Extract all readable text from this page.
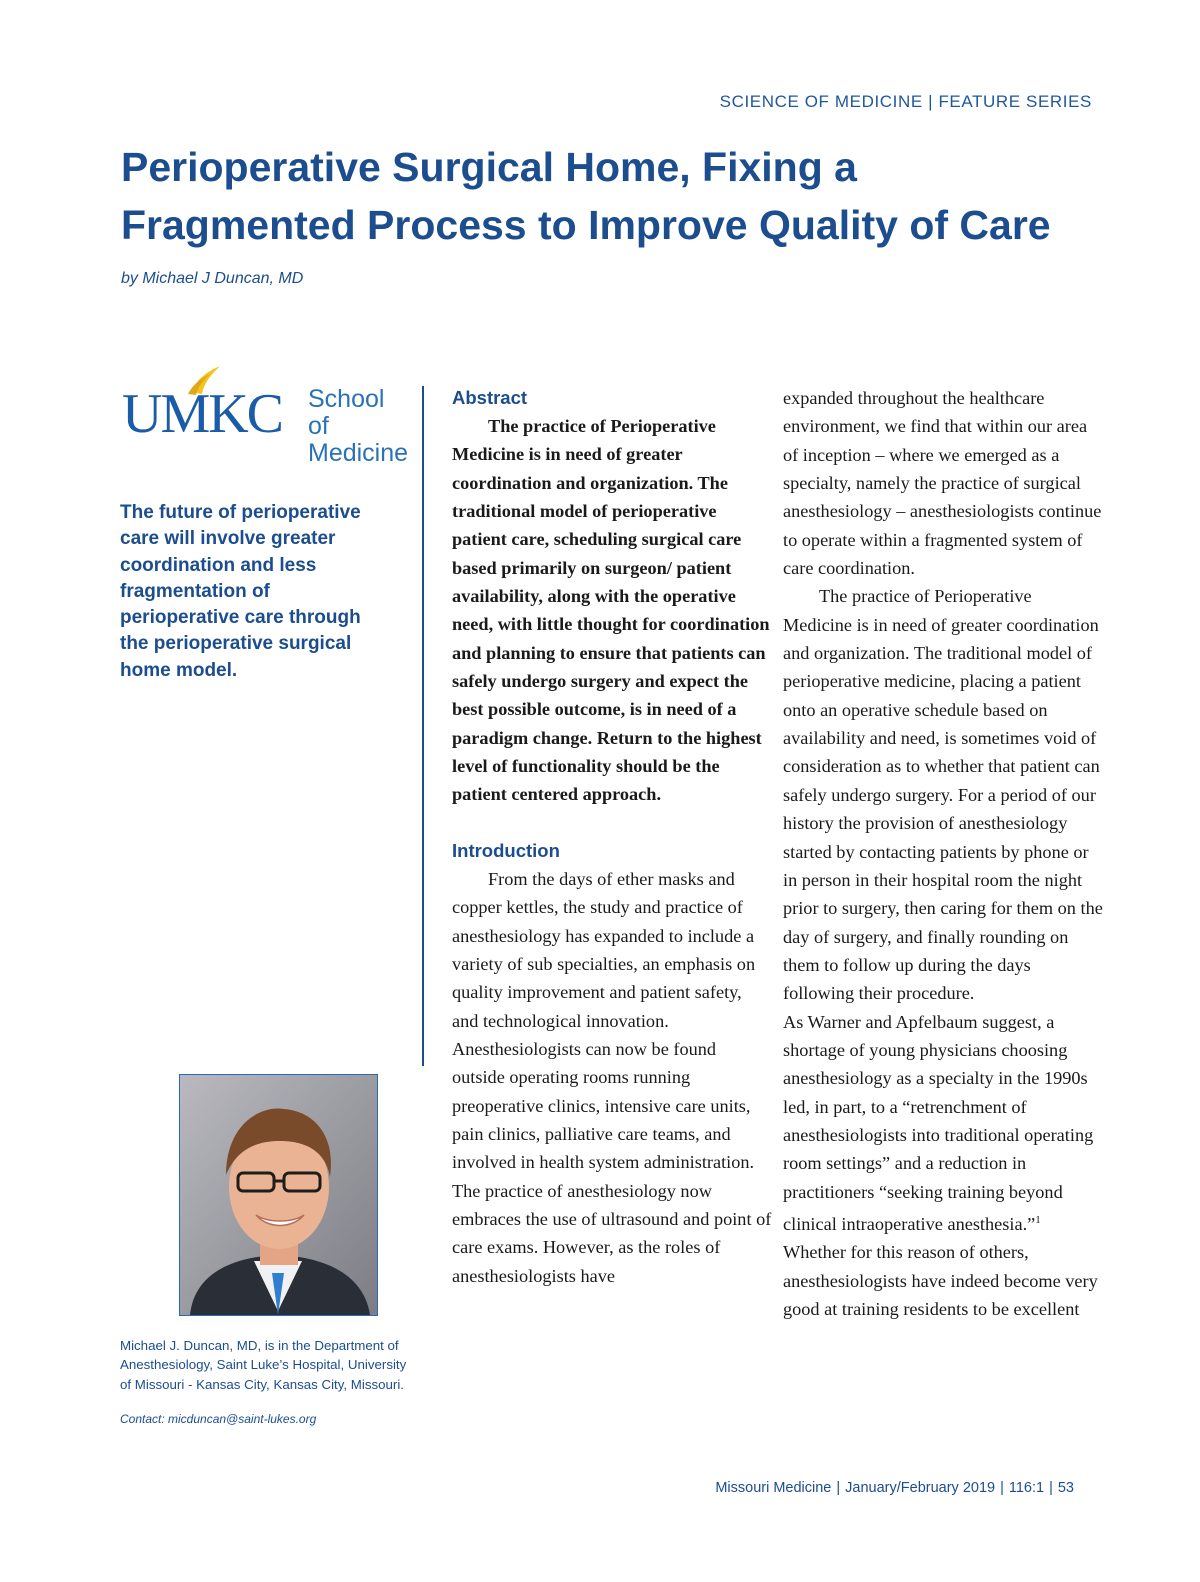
SCIENCE OF MEDICINE | FEATURE SERIES
Perioperative Surgical Home, Fixing a Fragmented Process to Improve Quality of Care
by Michael J Duncan, MD
UMKC School of
Medicine

The future of perioperative care will involve greater coordination and less fragmentation of perioperative care through the perioperative surgical home model.

Michael J. Duncan, MD, is in the Department of Anesthesiology, Saint Luke’s Hospital, University of Missouri - Kansas City, Kansas City, Missouri.

Contact: micduncan@saint-lukes.org
Abstract

The practice of Perioperative Medicine is in need of greater coordination and organization. The traditional model of perioperative patient care, scheduling surgical care based primarily on surgeon/ patient availability, along with the operative need, with little thought for coordination and planning to ensure that patients can safely undergo surgery and expect the best possible outcome, is in need of a paradigm change. Return to the highest level of functionality should be the patient centered approach.

Introduction

From the days of ether masks and copper kettles, the study and practice of anesthesiology has expanded to include a variety of sub specialties, an emphasis on quality improvement and patient safety, and technological innovation. Anesthesiologists can now be found outside operating rooms running preoperative clinics, intensive care units, pain clinics, palliative care teams, and involved in health system administration.

The practice of anesthesiology now embraces the use of ultrasound and point of care exams. However, as the roles of anesthesiologists have

expanded throughout the healthcare environment, we find that within our area of inception – where we emerged as a specialty, namely the practice of surgical anesthesiology – anesthesiologists continue to operate within a fragmented system of care coordination.

The practice of Perioperative Medicine is in need of greater coordination and organization. The traditional model of perioperative medicine, placing a patient onto an operative schedule based on availability and need, is sometimes void of consideration as to whether that patient can safely undergo surgery. For a period of our history the provision of anesthesiology started by contacting patients by phone or in person in their hospital room the night prior to surgery, then caring for them on the day of surgery, and finally rounding on them to follow up during the days following their procedure.

As Warner and Apfelbaum suggest, a shortage of young physicians choosing anesthesiology as a specialty in the 1990s led, in part, to a “retrenchment of anesthesiologists into traditional operating room settings” and a reduction in practitioners “seeking training beyond clinical intraoperative anesthesia.”$^1$  Whether for this reason of others, anesthesiologists have indeed become very good at training residents to be excellent

Missouri Medicine | January/February 2019 | 116:1 | 53
